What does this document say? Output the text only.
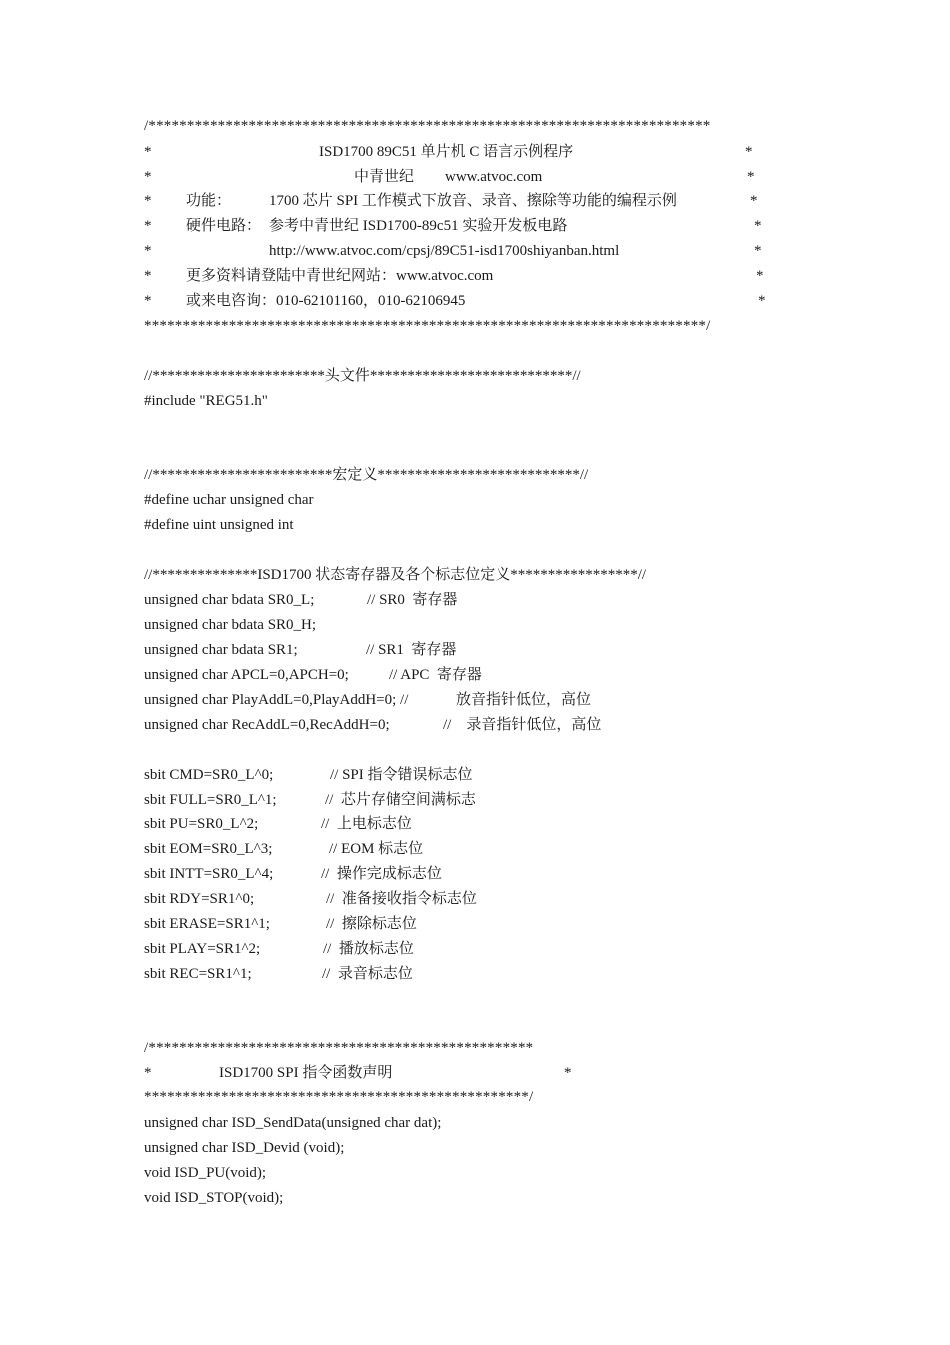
/*************************************************************************
*	ISD1700 89C51 单片机 C 语言示例程序	*
*	中青世纪 www.atvoc.com	*
* 功能：	1700 芯片 SPI 工作模式下放音、录音、擦除等功能的编程示例	*
* 硬件电路： 参考中青世纪 ISD1700-89c51 实验开发板电路	*
*	http://www.atvoc.com/cpsj/89C51-isd1700shiyanban.html	*
* 更多资料请登陆中青世纪网站：www.atvoc.com	*
* 或来电咨询：010-62101160，010-62106945	*
*************************************************************************/
//***********************头文件***************************//
#include "REG51.h"
//************************宏定义***************************//
#define uchar unsigned char
#define uint unsigned int
//**************ISD1700 状态寄存器及各个标志位定义*****************//
unsigned char bdata SR0_L;	// SR0  寄存器
unsigned char bdata SR0_H;
unsigned char bdata SR1;	// SR1  寄存器
unsigned char APCL=0,APCH=0;	// APC  寄存器
unsigned char PlayAddL=0,PlayAddH=0; //	放音指针低位，高位
unsigned char RecAddL=0,RecAddH=0;	//    录音指针低位，高位
sbit CMD=SR0_L^0;	// SPI 指令错误标志位
sbit FULL=SR0_L^1;	//  芯片存储空间满标志
sbit PU=SR0_L^2;	//  上电标志位
sbit EOM=SR0_L^3;	// EOM 标志位
sbit INTT=SR0_L^4;	//  操作完成标志位
sbit RDY=SR1^0;	//  准备接收指令标志位
sbit ERASE=SR1^1;	//  擦除标志位
sbit PLAY=SR1^2;	//  播放标志位
sbit REC=SR1^1;	//  录音标志位
/**************************************************
*	ISD1700 SPI 指令函数声明	*
**************************************************/
unsigned char ISD_SendData(unsigned char dat);
unsigned char ISD_Devid (void);
void ISD_PU(void);
void ISD_STOP(void);
